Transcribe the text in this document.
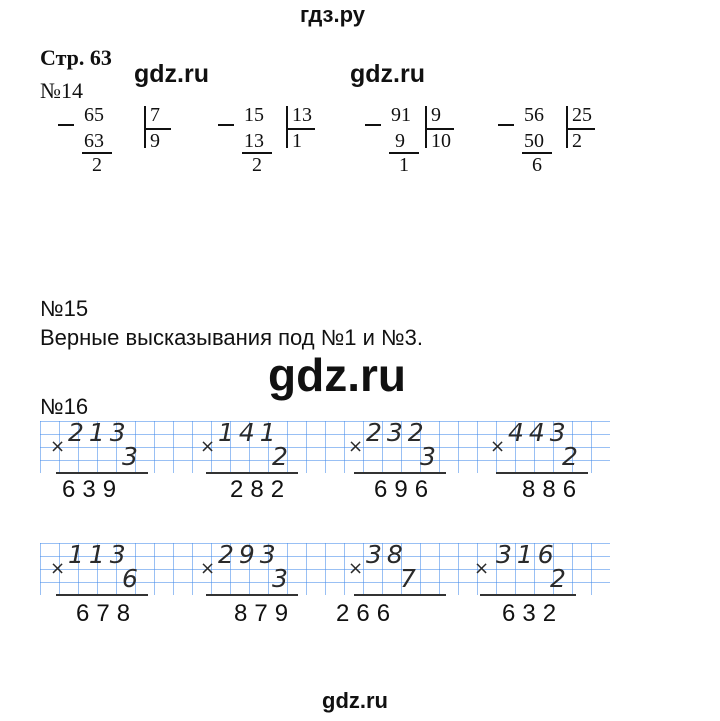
гдз.ру
Стр. 63
gdz.ru	gdz.ru
№14
65 7
9
63
2
15 13
1
13
2
91 9
10
9
1
56 25
2
50
6
№15
Верные высказывания под №1 и №3.
gdz.ru
№16
× 213
3
639
× 141
2
282
× 232
3
696
× 443
2
886
× 113
6
678
× 293
3
879
× 38
7
266
× 316
2
632
gdz.ru
